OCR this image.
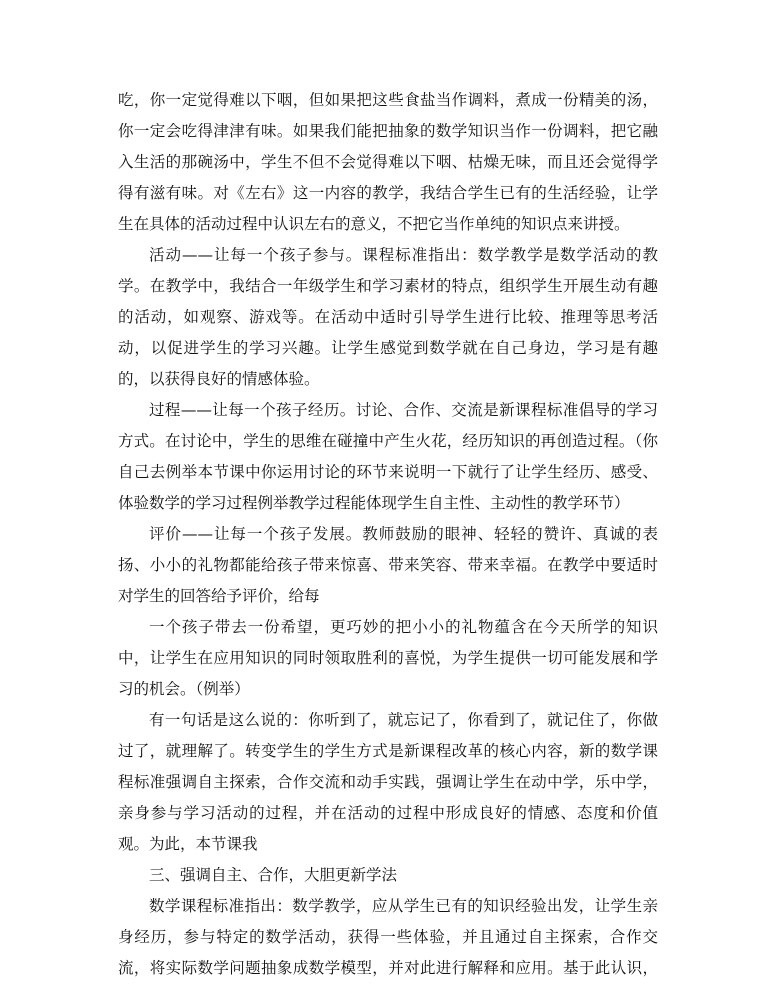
吃，你一定觉得难以下咽，但如果把这些食盐当作调料，煮成一份精美的汤，
你一定会吃得津津有味。如果我们能把抽象的数学知识当作一份调料，把它融
入生活的那碗汤中，学生不但不会觉得难以下咽、枯燥无味，而且还会觉得学
得有滋有味。对《左右》这一内容的教学，我结合学生已有的生活经验，让学
生在具体的活动过程中认识左右的意义，不把它当作单纯的知识点来讲授。
活动——让每一个孩子参与。课程标准指出：数学教学是数学活动的教
学。在教学中，我结合一年级学生和学习素材的特点，组织学生开展生动有趣
的活动，如观察、游戏等。在活动中适时引导学生进行比较、推理等思考活
动，以促进学生的学习兴趣。让学生感觉到数学就在自己身边，学习是有趣
的，以获得良好的情感体验。
过程——让每一个孩子经历。讨论、合作、交流是新课程标准倡导的学习
方式。在讨论中，学生的思维在碰撞中产生火花，经历知识的再创造过程。（你
自己去例举本节课中你运用讨论的环节来说明一下就行了让学生经历、感受、
体验数学的学习过程例举教学过程能体现学生自主性、主动性的教学环节）
评价——让每一个孩子发展。教师鼓励的眼神、轻轻的赞许、真诚的表
扬、小小的礼物都能给孩子带来惊喜、带来笑容、带来幸福。在教学中要适时
对学生的回答给予评价，给每
一个孩子带去一份希望，更巧妙的把小小的礼物蕴含在今天所学的知识
中，让学生在应用知识的同时领取胜利的喜悦，为学生提供一切可能发展和学
习的机会。（例举）
有一句话是这么说的：你听到了，就忘记了，你看到了，就记住了，你做
过了，就理解了。转变学生的学生方式是新课程改革的核心内容，新的数学课
程标准强调自主探索，合作交流和动手实践，强调让学生在动中学，乐中学，
亲身参与学习活动的过程，并在活动的过程中形成良好的情感、态度和价值
观。为此，本节课我
三、强调自主、合作，大胆更新学法
数学课程标准指出：数学教学，应从学生已有的知识经验出发，让学生亲
身经历，参与特定的数学活动，获得一些体验，并且通过自主探索，合作交
流，将实际数学问题抽象成数学模型，并对此进行解释和应用。基于此认识，
